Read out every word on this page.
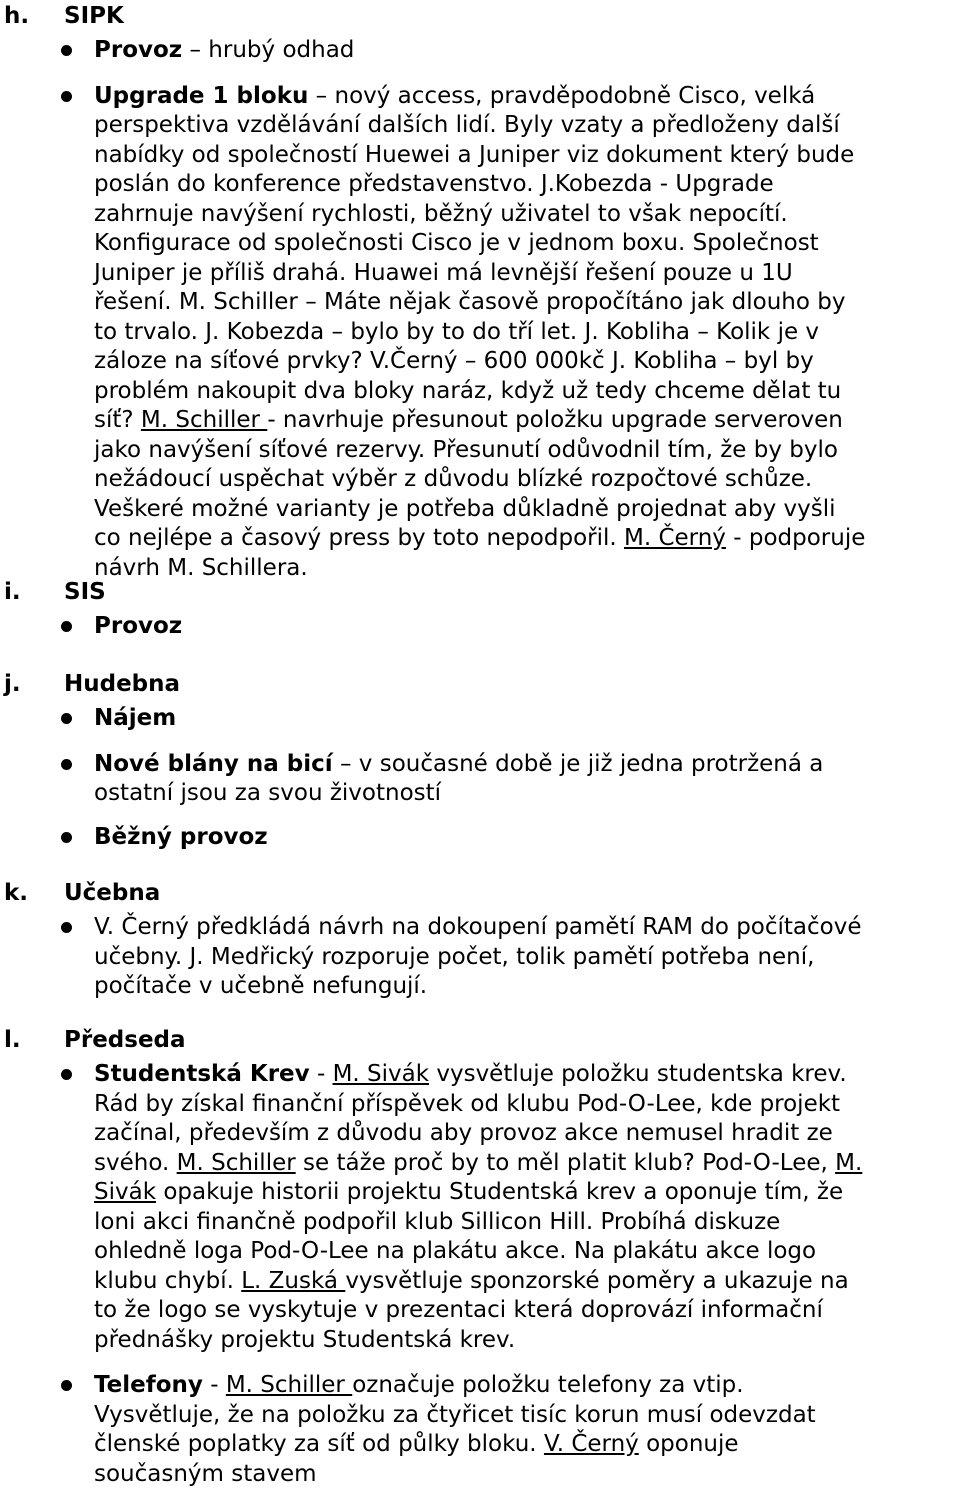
h. SIPK
Provoz – hrubý odhad
Upgrade 1 bloku – nový access, pravděpodobně Cisco, velká perspektiva vzdělávání dalších lidí. Byly vzaty a předloženy další nabídky od společností Huewei a Juniper viz dokument který bude poslán do konference představenstvo. J.Kobezda - Upgrade zahrnuje navýšení rychlosti, běžný uživatel to však nepocítí. Konfigurace od společnosti Cisco je v jednom boxu. Společnost Juniper je příliš drahá. Huawei má levnější řešení pouze u 1U řešení. M. Schiller – Máte nějak časově propočítáno jak dlouho by to trvalo. J. Kobezda – bylo by to do tří let. J. Kobliha – Kolik je v záloze na síťové prvky? V.Černý – 600 000kč J. Kobliha – byl by problém nakoupit dva bloky naráz, když už tedy chceme dělat tu síť? M. Schiller - navrhuje přesunout položku upgrade serveroven jako navýšení síťové rezervy. Přesunutí odůvodnil tím, že by bylo nežádoucí uspěchat výběr z důvodu blízké rozpočtové schůze. Veškeré možné varianty je potřeba důkladně projednat aby vyšli co nejlépe a časový press by toto nepodpořil. M. Černý - podporuje návrh M. Schillera.
i. SIS
Provoz
j. Hudebna
Nájem
Nové blány na bicí – v současné době je již jedna protržená a ostatní jsou za svou životností
Běžný provoz
k. Učebna
V. Černý předkládá návrh na dokoupení pamětí RAM do počítačové učebny. J. Medřický rozporuje počet, tolik pamětí potřeba není, počítače v učebně nefungují.
l. Předseda
Studentská Krev - M. Sivák vysvětluje položku studentska krev. Rád by získal finanční příspěvek od klubu Pod-O-Lee, kde projekt začínal, především z důvodu aby provoz akce nemusel hradit ze svého. M. Schiller se táže proč by to měl platit klub? Pod-O-Lee, M. Sivák opakuje historii projektu Studentská krev a oponuje tím, že loni akci finančně podpořil klub Sillicon Hill. Probíhá diskuze ohledně loga Pod-O-Lee na plakátu akce. Na plakátu akce logo klubu chybí. L. Zuská vysvětluje sponzorské poměry a ukazuje na to že logo se vyskytuje v prezentaci která doprovází informační přednášky projektu Studentská krev.
Telefony - M. Schiller označuje položku telefony za vtip. Vysvětluje, že na položku za čtyřicet tisíc korun musí odevzdat členské poplatky za síť od půlky bloku. V. Černý oponuje současným stavem
